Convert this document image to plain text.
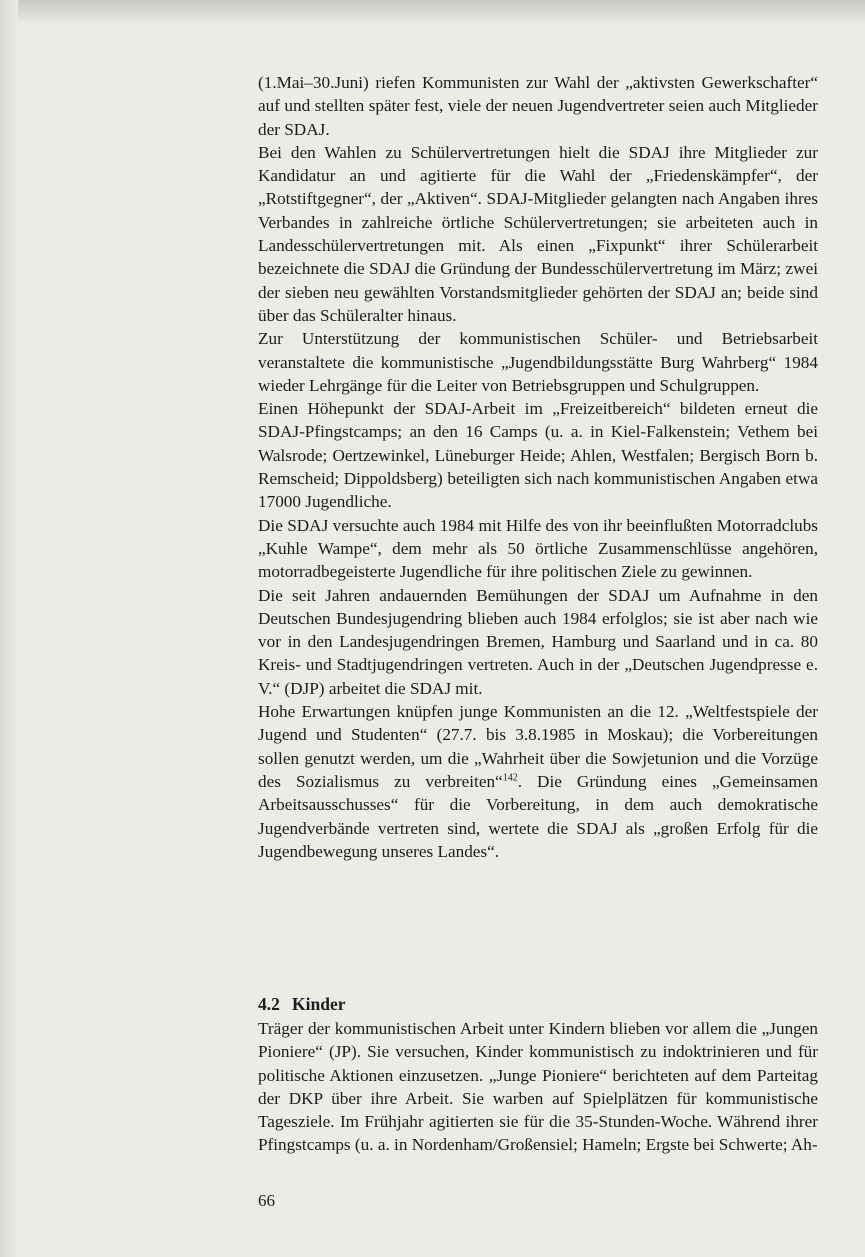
(1.Mai–30.Juni) riefen Kommunisten zur Wahl der „aktivsten Gewerkschafter“ auf und stellten später fest, viele der neuen Jugendvertreter seien auch Mitglieder der SDAJ.

Bei den Wahlen zu Schülervertretungen hielt die SDAJ ihre Mitglieder zur Kandidatur an und agitierte für die Wahl der „Friedenskämpfer“, der „Rotstiftgegner“, der „Aktiven“. SDAJ-Mitglieder gelangten nach Angaben ihres Verbandes in zahlreiche örtliche Schülervertretungen; sie arbeiteten auch in Landesschülervertretungen mit. Als einen „Fixpunkt“ ihrer Schülerarbeit bezeichnete die SDAJ die Gründung der Bundesschülervertretung im März; zwei der sieben neu gewählten Vorstandsmitglieder gehörten der SDAJ an; beide sind über das Schüleralter hinaus.

Zur Unterstützung der kommunistischen Schüler- und Betriebsarbeit veranstaltete die kommunistische „Jugendbildungsstätte Burg Wahrberg“ 1984 wieder Lehrgänge für die Leiter von Betriebsgruppen und Schulgruppen.

Einen Höhepunkt der SDAJ-Arbeit im „Freizeitbereich“ bildeten erneut die SDAJ-Pfingstcamps; an den 16 Camps (u. a. in Kiel-Falkenstein; Vethem bei Walsrode; Oertzewinkel, Lüneburger Heide; Ahlen, Westfalen; Bergisch Born b. Remscheid; Dippoldsberg) beteiligten sich nach kommunistischen Angaben etwa 17000 Jugendliche.

Die SDAJ versuchte auch 1984 mit Hilfe des von ihr beeinflußten Motorradclubs „Kuhle Wampe“, dem mehr als 50 örtliche Zusammenschlüsse angehören, motorradbegeisterte Jugendliche für ihre politischen Ziele zu gewinnen.

Die seit Jahren andauernden Bemühungen der SDAJ um Aufnahme in den Deutschen Bundesjugendring blieben auch 1984 erfolglos; sie ist aber nach wie vor in den Landesjugendringen Bremen, Hamburg und Saarland und in ca. 80 Kreis- und Stadtjugendringen vertreten. Auch in der „Deutschen Jugendpresse e. V.“ (DJP) arbeitet die SDAJ mit.

Hohe Erwartungen knüpfen junge Kommunisten an die 12. „Weltfestspiele der Jugend und Studenten“ (27.7. bis 3.8.1985 in Moskau); die Vorbereitungen sollen genutzt werden, um die „Wahrheit über die Sowjetunion und die Vorzüge des Sozialismus zu verbreiten“$^{142}$. Die Gründung eines „Gemeinsamen Arbeitsausschusses“ für die Vorbereitung, in dem auch demokratische Jugendverbände vertreten sind, wertete die SDAJ als „großen Erfolg für die Jugendbewegung unseres Landes“.

4.2 Kinder

Träger der kommunistischen Arbeit unter Kindern blieben vor allem die „Jungen Pioniere“ (JP). Sie versuchen, Kinder kommunistisch zu indoktrinieren und für politische Aktionen einzusetzen. „Junge Pioniere“ berichteten auf dem Parteitag der DKP über ihre Arbeit. Sie warben auf Spielplätzen für kommunistische Tagesziele. Im Frühjahr agitierten sie für die 35-Stunden-Woche. Während ihrer Pfingstcamps (u. a. in Nordenham/Großensiel; Hameln; Ergste bei Schwerte; Ah-

66
